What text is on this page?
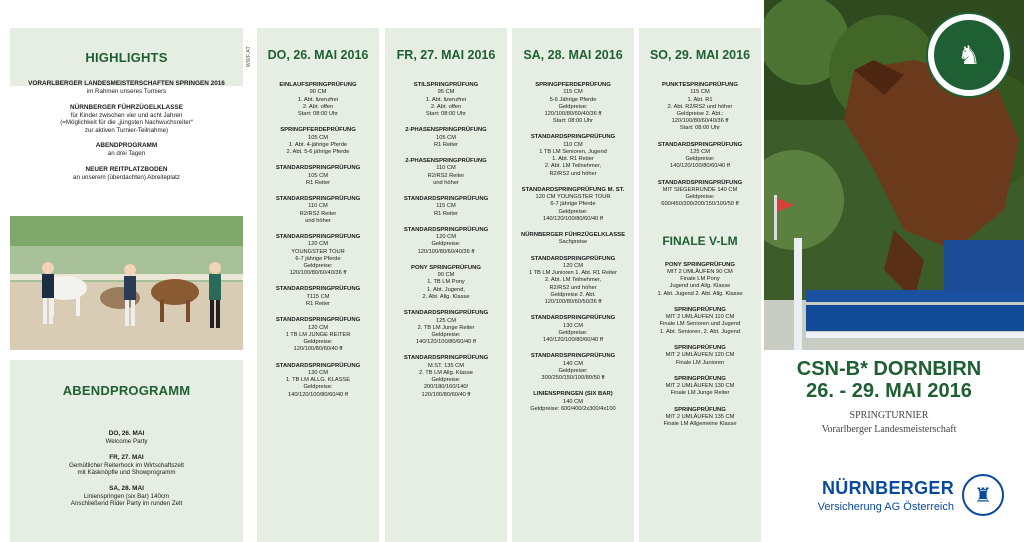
HIGHLIGHTS
VORARLBERGER LANDESMEISTERSCHAFTEN SPRINGEN 2016
im Rahmen unseres Turniers
NÜRNBERGER FÜHRZÜGELKLASSE
für Kinder zwischen vier und acht Jahren
(=Möglichkeit für die „jüngsten Nachwuchsreiter“
zur aktiven Turnier-Teilnahme)
ABENDPROGRAMM
an drei Tagen
NEUER REITPLATZBODEN
an unserem (überdachten) Abreiteplatz
ABENDPROGRAMM
DO, 26. MAI
Welcome Party
FR, 27. MAI
Gemütlicher Reiterhock im Wirtschaftszelt
mit Käsknöpfle und Showprogramm
SA, 28. MAI
Linienspringen (six Bar) 140cm
Anschließend Rider Party im runden Zelt
WWF.AT DO, 26. MAI 2016
EINLAUFSPRINGPRÜFUNG
90 CM
1. Abt. lizenzfrei
2. Abt. offen
Start: 08:00 Uhr
SPRINGPFERDEPRÜFUNG
105 CM
1. Abt. 4-jährige Pferde
2. Abt. 5-6 jährige Pferde
STANDARDSPRINGPRÜFUNG
105 CM
R1 Reiter
STANDARDSPRINGPRÜFUNG
110 CM
R2/RS2 Reiter
und höher
STANDARDSPRINGPRÜFUNG
120 CM
YOUNGSTER TOUR
6-7 jährige Pferde
Geldpreise:
120/100/80/60/40/36 ff
STANDARDSPRINGPRÜFUNG
T115 CM
R1 Reiter
STANDARDSPRINGPRÜFUNG
120 CM
1 TB LM JUNGE REITER
Geldpreise:
120/100/80/60/40 ff
STANDARDSPRINGPRÜFUNG
130 CM
1. TB LM ALLG. KLASSE
Geldpreise:
140/120/100/80/60/40 ff
FR, 27. MAI 2016
STILSPRINGPRÜFUNG
95 CM
1. Abt. lizenzfrei
2. Abt. offen
Start: 08:00 Uhr
2-PHASENSPRINGPRÜFUNG
105 CM
R1 Reiter
2-PHASENSPRINGPRÜFUNG
110 CM
R2/RS2 Reiter
und höher
STANDARDSPRINGPRÜFUNG
115 CM
R1 Reiter
STANDARDSPRINGPRÜFUNG
120 CM
Geldpreise:
120/100/80/60/40/36 ff
PONY SPRINGPRÜFUNG
90 CM
1. TB LM Pony
1. Abt. Jugend,
2. Abt. Allg. Klasse
STANDARDSPRINGPRÜFUNG
125 CM
2. TB LM Junge Reiter
Geldpreise:
140/120/100/80/60/40 ff
STANDARDSPRINGPRÜFUNG
M.ST. 135 CM
2. TB LM Allg. Klasse
Geldpreise:
200/180/160/140/
120/100/80/60/40 ff
SA, 28. MAI 2016
SPRINGPFERDEPRÜFUNG
115 CM
5-6 Jährige Pferde
Geldpreise:
120/100/80/60/40/36 ff
Start: 08:00 Uhr
STANDARDSPRINGPRÜFUNG
110 CM
1 TB LM Senioren, Jugend
1. Abt. R1 Reiter
2. Abt. LM Teilnehmer,
R2/RS2 und höher
STANDARDSPRINGPRÜFUNG M. ST.
120 CM YOUNGSTER TOUR
6-7 jährige Pferde
Geldpreise:
140/120/100/80/60/40 ff
NÜRNBERGER FÜHRZÜGELKLASSE
Sachpreise
STANDARDSPRINGPRÜFUNG
120 CM
1 TB LM Junioren 1. Abt. R1 Reiter
2. Abt. LM Teilnehmer,
R2/RS2 und höher
Geldpreise 2. Abt.
120/100/80/60/50/36 ff
STANDARDSPRINGPRÜFUNG
130 CM
Geldpreise:
140/120/100/80/60/40 ff
STANDARDSPRINGPRÜFUNG
140 CM
Geldpreise:
300/250/150/100/80/50 ff
LINIENSPRINGEN (SIX BAR)
140 CM
Geldpreise: 600/400/2x300/4x100
SO, 29. MAI 2016
PUNKTESPRINGPRÜFUNG
115 CM
1. Abt. R1
2. Abt. R2/RS2 und höher
Geldpreise 2. Abt.:
120/100/80/60/40/36 ff
Start: 08:00 Uhr
STANDARDSPRINGPRÜFUNG
125 CM
Geldpreise:
140/120/100/80/60/40 ff
STANDARDSPRINGPRÜFUNG
MIT SIEGERRUNDE 140 CM
Geldpreise:
600/450/300/200/150/100/50 ff
FINALE V-LM
PONY SPRINGPRÜFUNG
MIT 2 UMLÄUFEN 90 CM
Finale LM Pony
Jugend und Allg. Klasse
1. Abt. Jugend 2. Abt. Allg. Klasse
SPRINGPRÜFUNG
MIT 2 UMLÄUFEN 110 CM
Finale LM Senioren und Jugend
1. Abt. Senioren, 2. Abt. Jugend
SPRINGPRÜFUNG
MIT 2 UMLÄUFEN 120 CM
Finale LM Junioren
SPRINGPRÜFUNG
MIT 2 UMLÄUFEN 130 CM
Finale LM Junge Reiter
SPRINGPRÜFUNG
MIT 2 UMLÄUFEN 135 CM
Finale LM Allgemeine Klasse
♞
CSN-B* DORNBIRN
26. - 29. MAI 2016
SPRINGTURNIER
Vorarlberger Landesmeisterschaft
NÜRNBERGER
Versicherung AG Österreich
♜
